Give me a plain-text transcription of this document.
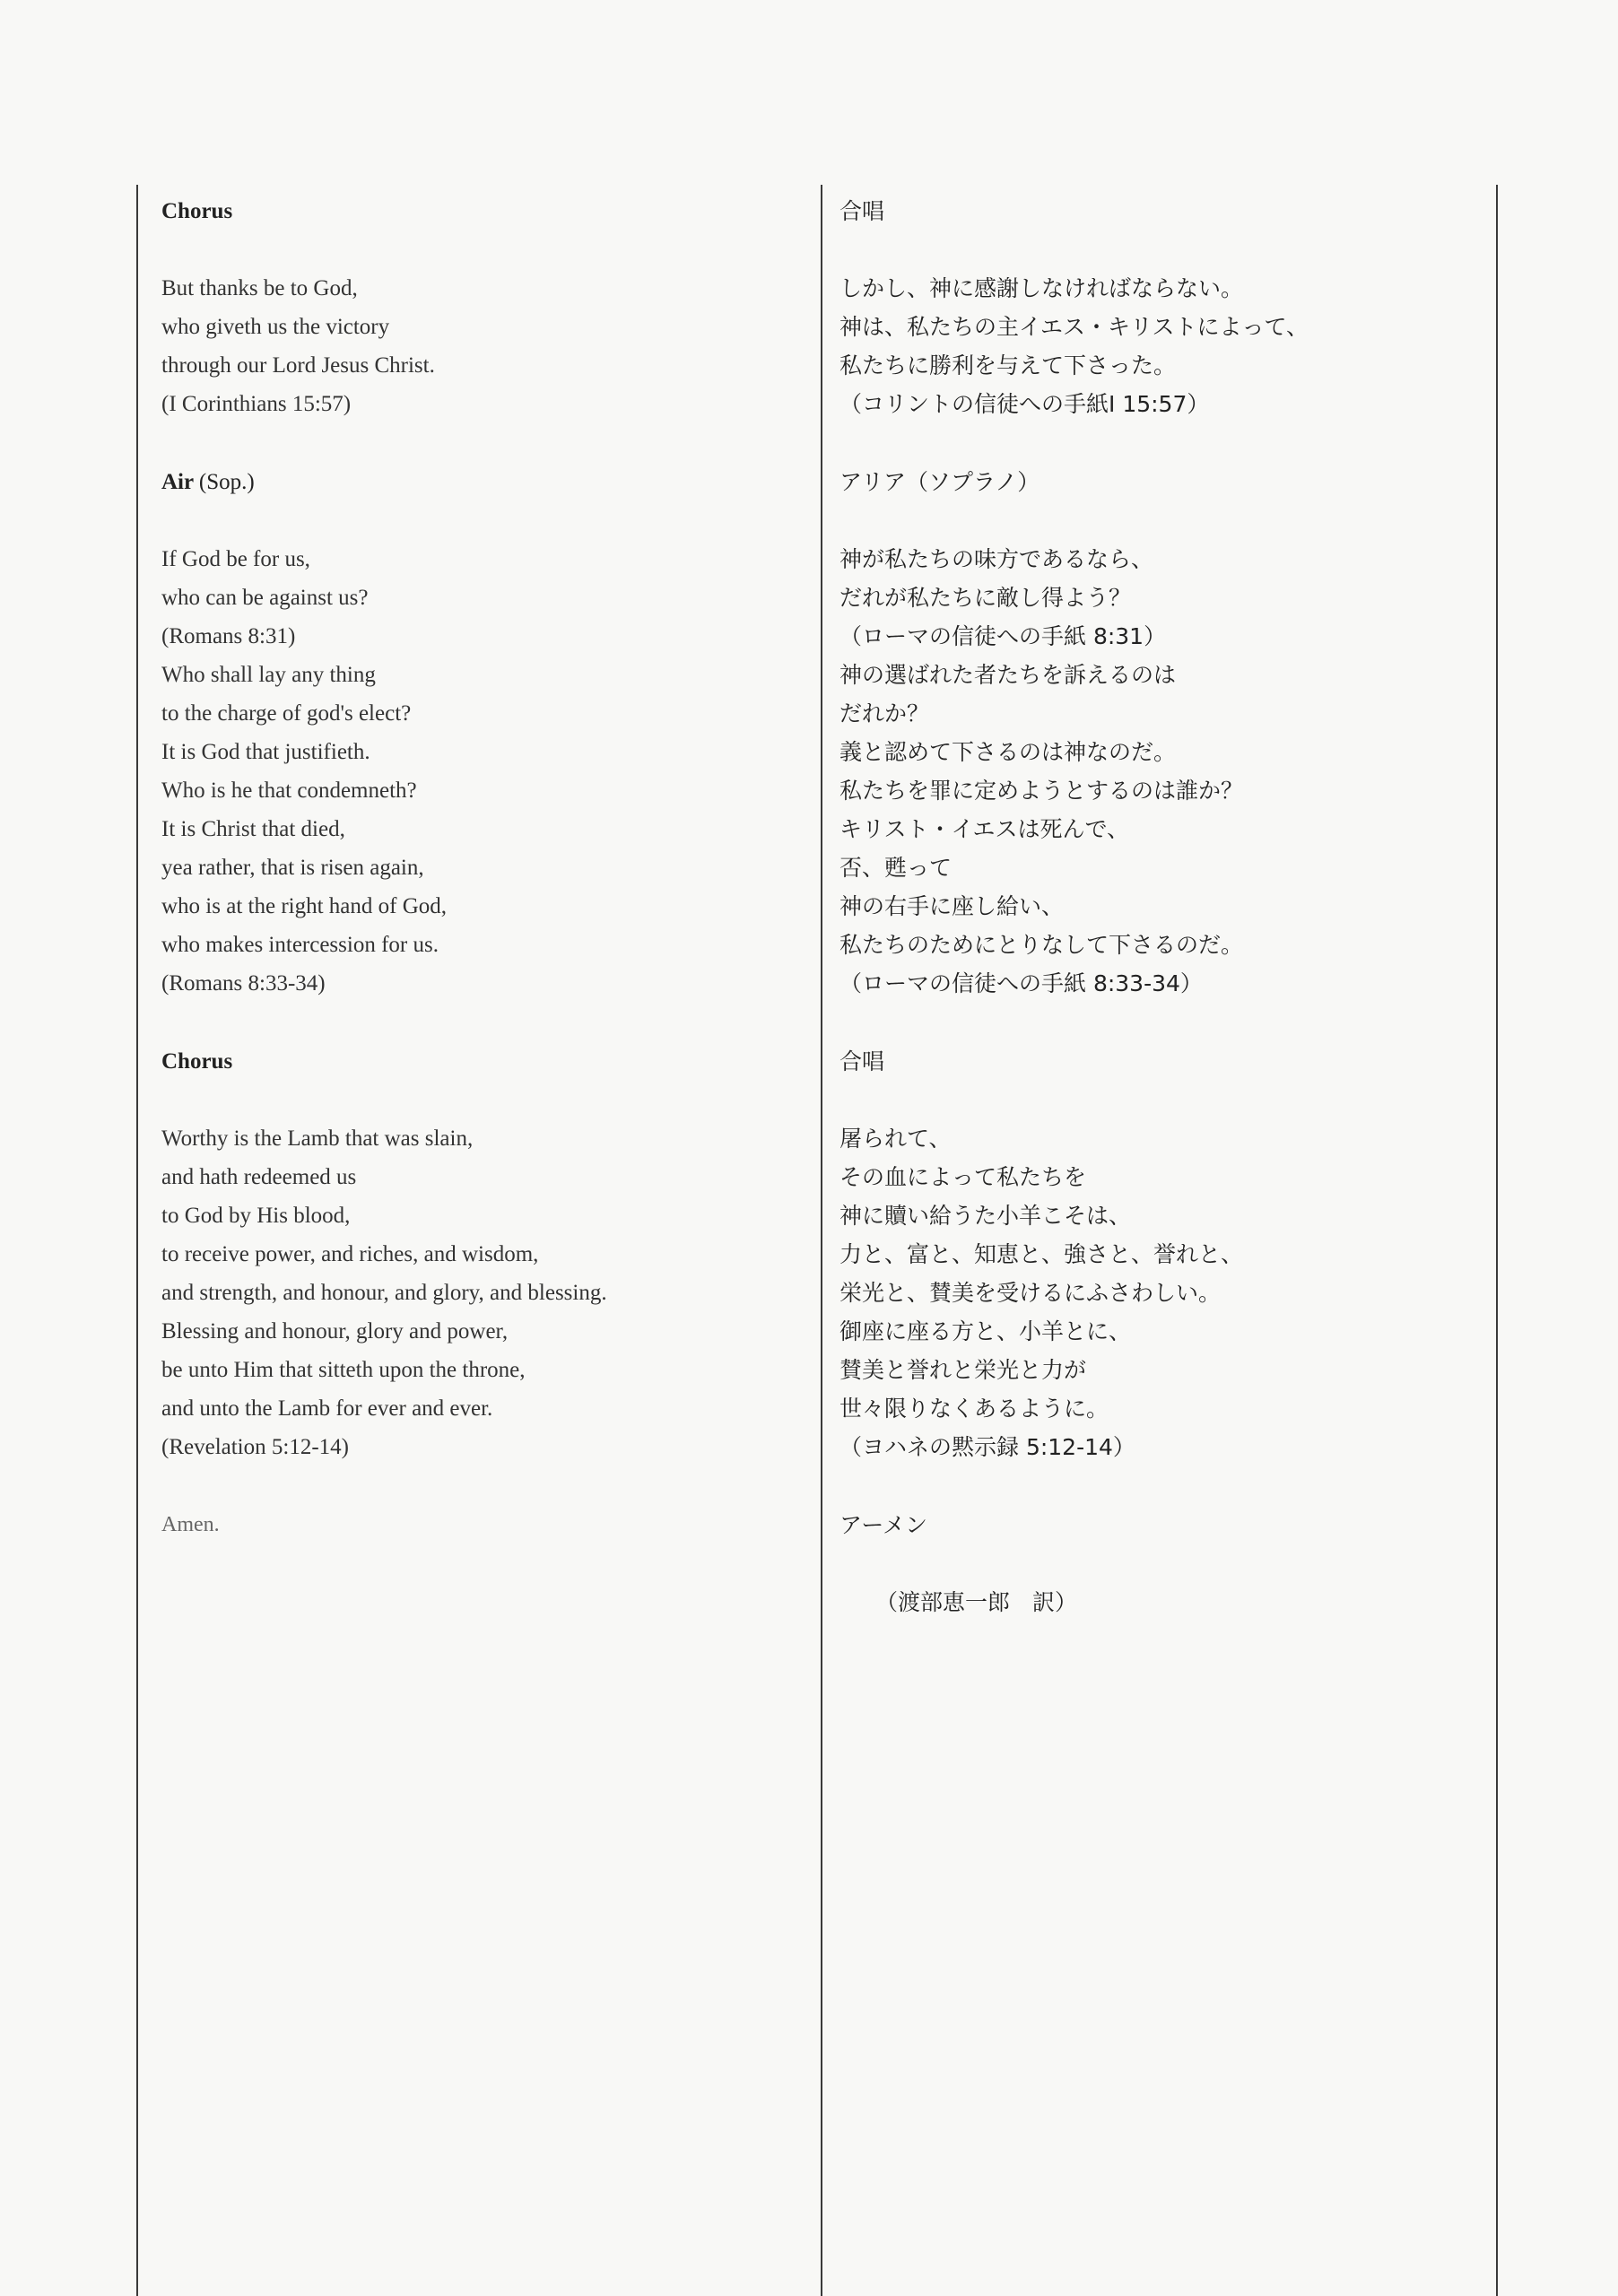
Chorus
But thanks be to God,
who giveth us the victory
through our Lord Jesus Christ.
(I Corinthians 15:57)
Air (Sop.)
If God be for us,
who can be against us?
(Romans 8:31)
Who shall lay any thing
to the charge of god's elect?
It is God that justifieth.
Who is he that condemneth?
It is Christ that died,
yea rather, that is risen again,
who is at the right hand of God,
who makes intercession for us.
(Romans 8:33-34)
Chorus
Worthy is the Lamb that was slain,
and hath redeemed us
to God by His blood,
to receive power, and riches, and wisdom,
and strength, and honour, and glory, and blessing.
Blessing and honour, glory and power,
be unto Him that sitteth upon the throne,
and unto the Lamb for ever and ever.
(Revelation 5:12-14)
Amen.
合唱
しかし、神に感謝しなければならない。
神は、私たちの主イエス・キリストによって、
私たちに勝利を与えて下さった。
（コリントの信徒への手紙Ⅰ 15:57）
アリア（ソプラノ）
神が私たちの味方であるなら、
だれが私たちに敵し得よう？
（ローマの信徒への手紙 8:31）
神の選ばれた者たちを訴えるのは
だれか？
義と認めて下さるのは神なのだ。
私たちを罪に定めようとするのは誰か？
キリスト・イエスは死んで、
否、甦って
神の右手に座し給い、
私たちのためにとりなして下さるのだ。
（ローマの信徒への手紙 8:33-34）
合唱
屠られて、
その血によって私たちを
神に贖い給うた小羊こそは、
力と、富と、知恵と、強さと、誉れと、
栄光と、賛美を受けるにふさわしい。
御座に座る方と、小羊とに、
賛美と誉れと栄光と力が
世々限りなくあるように。
（ヨハネの黙示録 5:12-14）
アーメン
（渡部恵一郎　訳）
